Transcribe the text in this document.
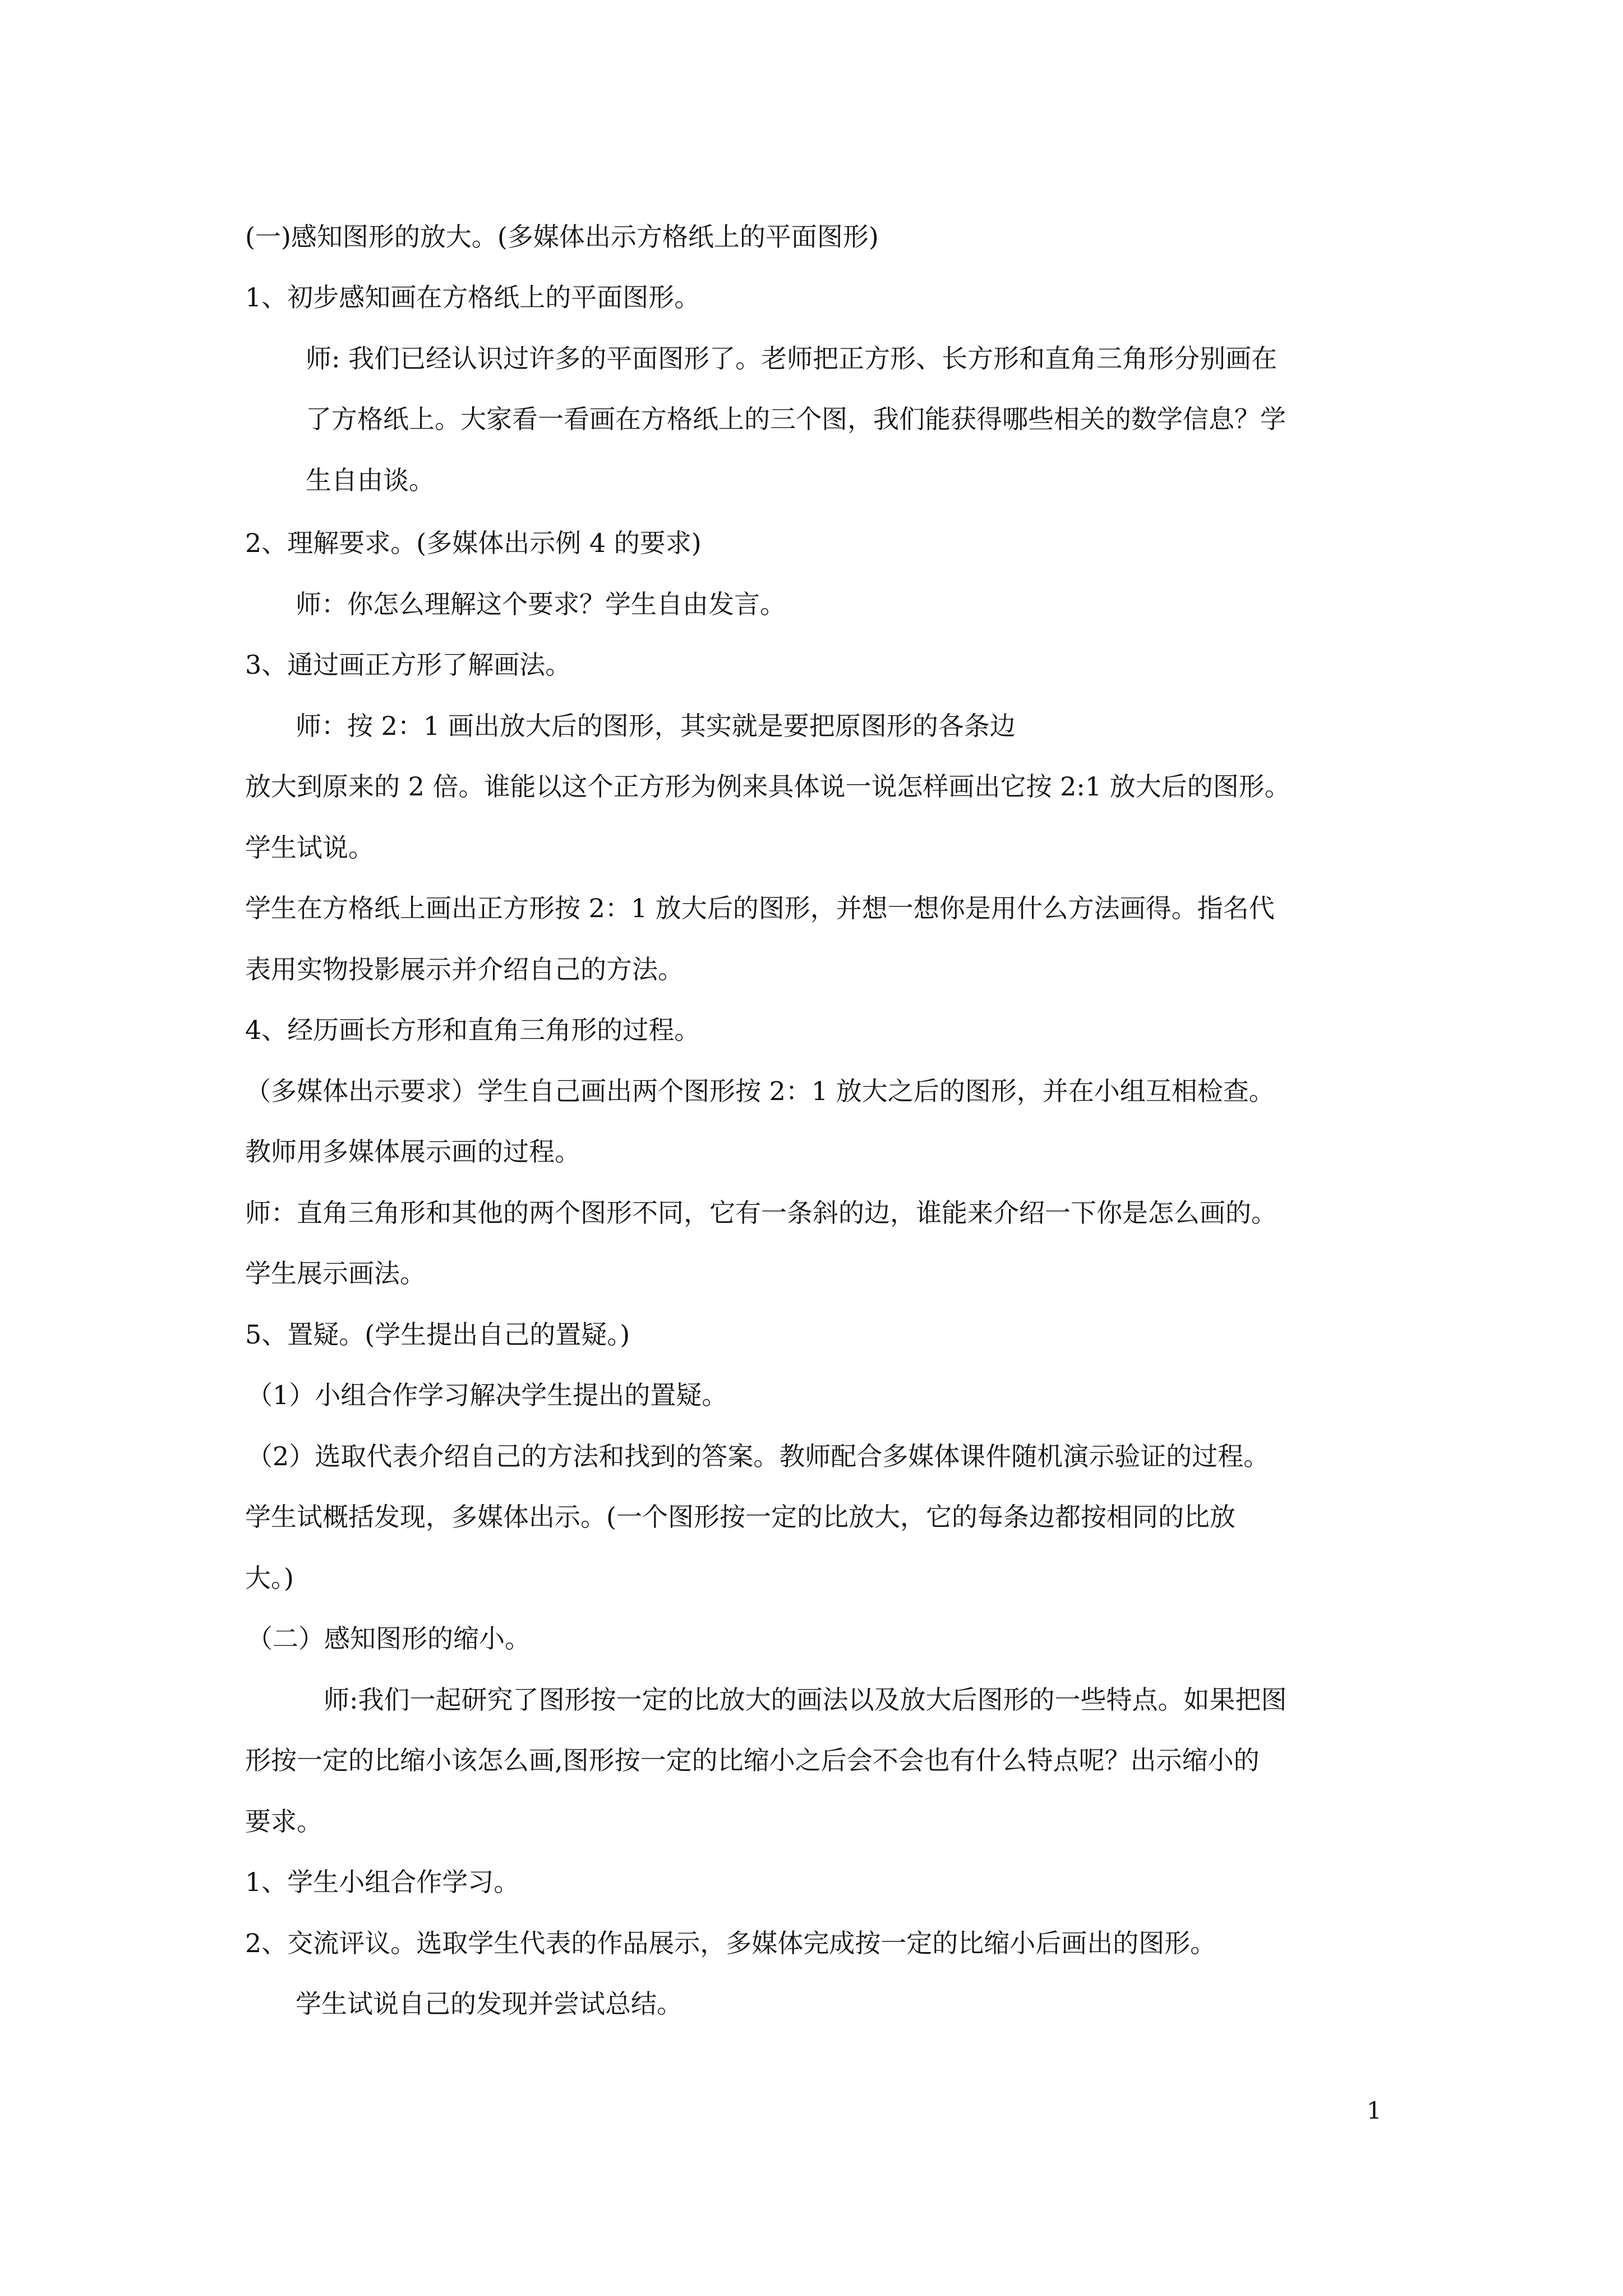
(一)感知图形的放大。(多媒体出示方格纸上的平面图形)

1、初步感知画在方格纸上的平面图形。

师: 我们已经认识过许多的平面图形了。老师把正方形、长方形和直角三角形分别画在

了方格纸上。大家看一看画在方格纸上的三个图，我们能获得哪些相关的数学信息？学

生自由谈。

2、理解要求。(多媒体出示例 4 的要求)

师：你怎么理解这个要求？学生自由发言。

3、通过画正方形了解画法。

师：按 2：1 画出放大后的图形，其实就是要把原图形的各条边

放大到原来的 2 倍。谁能以这个正方形为例来具体说一说怎样画出它按 2:1 放大后的图形。

学生试说。

学生在方格纸上画出正方形按 2：1 放大后的图形，并想一想你是用什么方法画得。指名代

表用实物投影展示并介绍自己的方法。

4、经历画长方形和直角三角形的过程。

（多媒体出示要求）学生自己画出两个图形按 2：1 放大之后的图形，并在小组互相检查。

教师用多媒体展示画的过程。

师：直角三角形和其他的两个图形不同，它有一条斜的边，谁能来介绍一下你是怎么画的。

学生展示画法。

5、置疑。(学生提出自己的置疑。)

（1）小组合作学习解决学生提出的置疑。

（2）选取代表介绍自己的方法和找到的答案。教师配合多媒体课件随机演示验证的过程。

学生试概括发现，多媒体出示。(一个图形按一定的比放大，它的每条边都按相同的比放

大。)

（二）感知图形的缩小。

师:我们一起研究了图形按一定的比放大的画法以及放大后图形的一些特点。如果把图

形按一定的比缩小该怎么画,图形按一定的比缩小之后会不会也有什么特点呢？出示缩小的

要求。

1、学生小组合作学习。

2、交流评议。选取学生代表的作品展示，多媒体完成按一定的比缩小后画出的图形。

学生试说自己的发现并尝试总结。

1
